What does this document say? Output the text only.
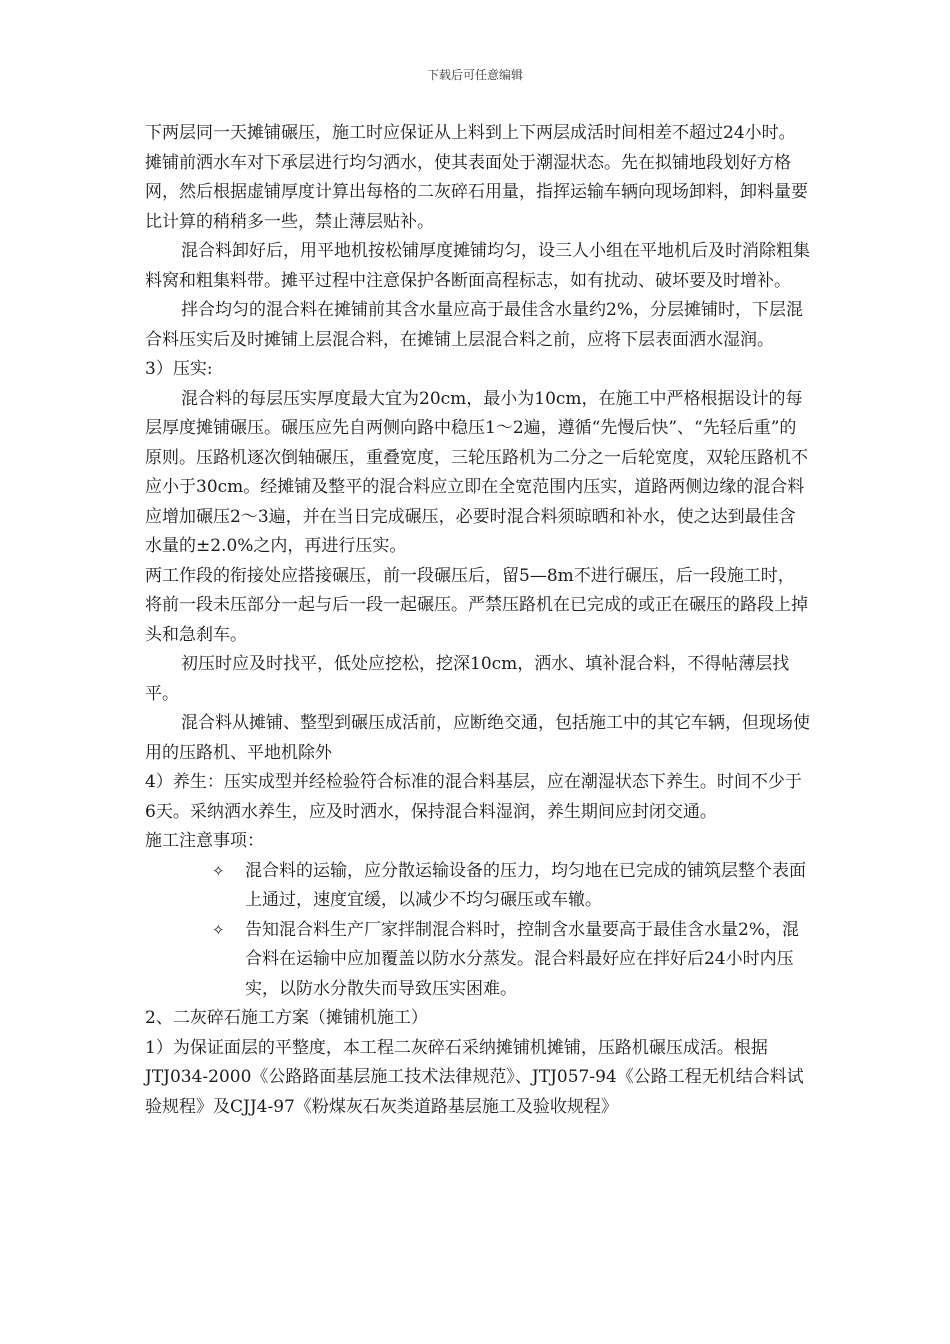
下载后可任意编辑

下两层同一天摊铺碾压，施工时应保证从上料到上下两层成活时间相差不超过24小时。摊铺前洒水车对下承层进行均匀洒水，使其表面处于潮湿状态。先在拟铺地段划好方格网，然后根据虚铺厚度计算出每格的二灰碎石用量，指挥运输车辆向现场卸料，卸料量要比计算的稍稍多一些，禁止薄层贴补。

混合料卸好后，用平地机按松铺厚度摊铺均匀，设三人小组在平地机后及时消除粗集料窝和粗集料带。摊平过程中注意保护各断面高程标志，如有扰动、破坏要及时增补。

拌合均匀的混合料在摊铺前其含水量应高于最佳含水量约2%，分层摊铺时，下层混合料压实后及时摊铺上层混合料，在摊铺上层混合料之前，应将下层表面洒水湿润。

3）压实:

混合料的每层压实厚度最大宜为20cm，最小为10cm，在施工中严格根据设计的每层厚度摊铺碾压。碾压应先自两侧向路中稳压1～2遍，遵循“先慢后快”、“先轻后重”的原则。压路机逐次倒轴碾压，重叠宽度，三轮压路机为二分之一后轮宽度，双轮压路机不应小于30cm。经摊铺及整平的混合料应立即在全宽范围内压实，道路两侧边缘的混合料应增加碾压2～3遍，并在当日完成碾压，必要时混合料须晾晒和补水，使之达到最佳含水量的±2.0%之内，再进行压实。

两工作段的衔接处应搭接碾压，前一段碾压后，留5—8m不进行碾压，后一段施工时，将前一段未压部分一起与后一段一起碾压。严禁压路机在已完成的或正在碾压的路段上掉头和急刹车。

初压时应及时找平，低处应挖松，挖深10cm，洒水、填补混合料，不得帖薄层找平。

混合料从摊铺、整型到碾压成活前，应断绝交通，包括施工中的其它车辆，但现场使用的压路机、平地机除外

4）养生：压实成型并经检验符合标准的混合料基层，应在潮湿状态下养生。时间不少于6天。采纳洒水养生，应及时洒水，保持混合料湿润，养生期间应封闭交通。

施工注意事项：

✧ 混合料的运输，应分散运输设备的压力，均匀地在已完成的铺筑层整个表面上通过，速度宜缓，以减少不均匀碾压或车辙。
✧ 告知混合料生产厂家拌制混合料时，控制含水量要高于最佳含水量2%，混合料在运输中应加覆盖以防水分蒸发。混合料最好应在拌好后24小时内压实，以防水分散失而导致压实困难。

2、二灰碎石施工方案（摊铺机施工）

1）为保证面层的平整度，本工程二灰碎石采纳摊铺机摊铺，压路机碾压成活。根据JTJ034-2000《公路路面基层施工技术法律规范》、JTJ057-94《公路工程无机结合料试验规程》及CJJ4-97《粉煤灰石灰类道路基层施工及验收规程》
